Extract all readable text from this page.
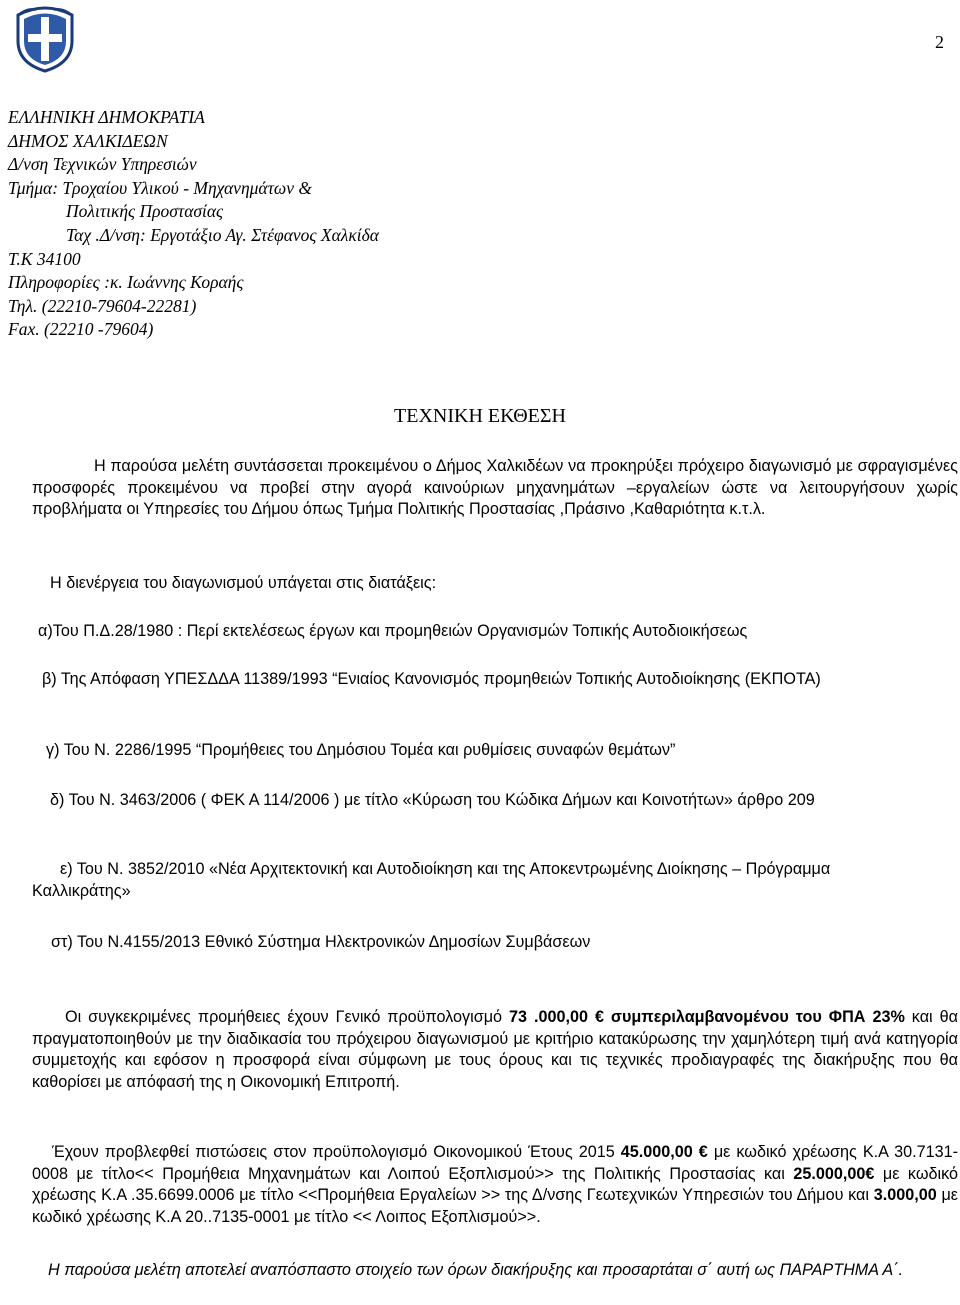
2
ΕΛΛΗΝΙΚΗ ΔΗΜΟΚΡΑΤΙΑ
ΔΗΜΟΣ ΧΑΛΚΙΔΕΩΝ
Δ/νση Τεχνικών Υπηρεσιών
Τμήμα: Τροχαίου Υλικού - Μηχανημάτων &
Πολιτικής Προστασίας
Ταχ .Δ/νση: Εργοτάξιο Αγ. Στέφανος Χαλκίδα
Τ.Κ 34100
Πληροφορίες :κ. Ιωάννης Κοραής
Τηλ. (22210-79604-22281)
Fax. (22210 -79604)
ΤΕΧΝΙΚΗ ΕΚΘΕΣΗ
Η παρούσα μελέτη συντάσσεται προκειμένου ο Δήμος Χαλκιδέων να προκηρύξει πρόχειρο διαγωνισμό με σφραγισμένες προσφορές προκειμένου να προβεί στην αγορά καινούριων μηχανημάτων –εργαλείων ώστε να λειτουργήσουν χωρίς προβλήματα οι Υπηρεσίες του Δήμου όπως Τμήμα Πολιτικής Προστασίας ,Πράσινο ,Καθαριότητα κ.τ.λ.
Η διενέργεια του διαγωνισμού υπάγεται στις διατάξεις:
α)Του Π.Δ.28/1980 : Περί εκτελέσεως έργων και προμηθειών Οργανισμών Τοπικής Αυτοδιοικήσεως
β) Της Απόφαση ΥΠΕΣΔΔΑ 11389/1993 “Ενιαίος Κανονισμός προμηθειών Τοπικής Αυτοδιοίκησης (ΕΚΠΟΤΑ)
γ) Του Ν. 2286/1995 “Προμήθειες του Δημόσιου Τομέα και ρυθμίσεις συναφών θεμάτων”
δ) Του Ν. 3463/2006 ( ΦΕΚ Α 114/2006 ) με τίτλο «Κύρωση του Κώδικα Δήμων και Κοινοτήτων» άρθρο 209
ε) Του Ν. 3852/2010 «Νέα Αρχιτεκτονική και Αυτοδιοίκηση και της Αποκεντρωμένης Διοίκησης – Πρόγραμμα Καλλικράτης»
στ) Του Ν.4155/2013 Εθνικό Σύστημα Ηλεκτρονικών Δημοσίων Συμβάσεων
Οι συγκεκριμένες προμήθειες έχουν Γενικό προϋπολογισμό 73 .000,00 € συμπεριλαμβανομένου του ΦΠΑ 23% και θα πραγματοποιηθούν με την διαδικασία του πρόχειρου διαγωνισμού με κριτήριο κατακύρωσης την χαμηλότερη τιμή ανά κατηγορία συμμετοχής και εφόσον η προσφορά είναι σύμφωνη με τους όρους και τις τεχνικές προδιαγραφές της διακήρυξης που θα καθορίσει με απόφασή της η Οικονομική Επιτροπή.
Έχουν προβλεφθεί πιστώσεις στον προϋπολογισμό Οικονομικού Έτους 2015 45.000,00 € με κωδικό χρέωσης Κ.Α 30.7131-0008 με τίτλο<< Προμήθεια Μηχανημάτων και Λοιπού Εξοπλισμού>> της Πολιτικής Προστασίας και 25.000,00€ με κωδικό χρέωσης Κ.Α .35.6699.0006 με τίτλο <<Προμήθεια Εργαλείων >> της Δ/νσης Γεωτεχνικών Υπηρεσιών του Δήμου και 3.000,00 με κωδικό χρέωσης Κ.Α 20..7135-0001 με τίτλο << Λοιπος Εξοπλισμού>>.
Η παρούσα μελέτη αποτελεί αναπόσπαστο στοιχείο των όρων διακήρυξης και προσαρτάται σ΄ αυτή ως ΠΑΡΑΡΤΗΜΑ Α΄.
